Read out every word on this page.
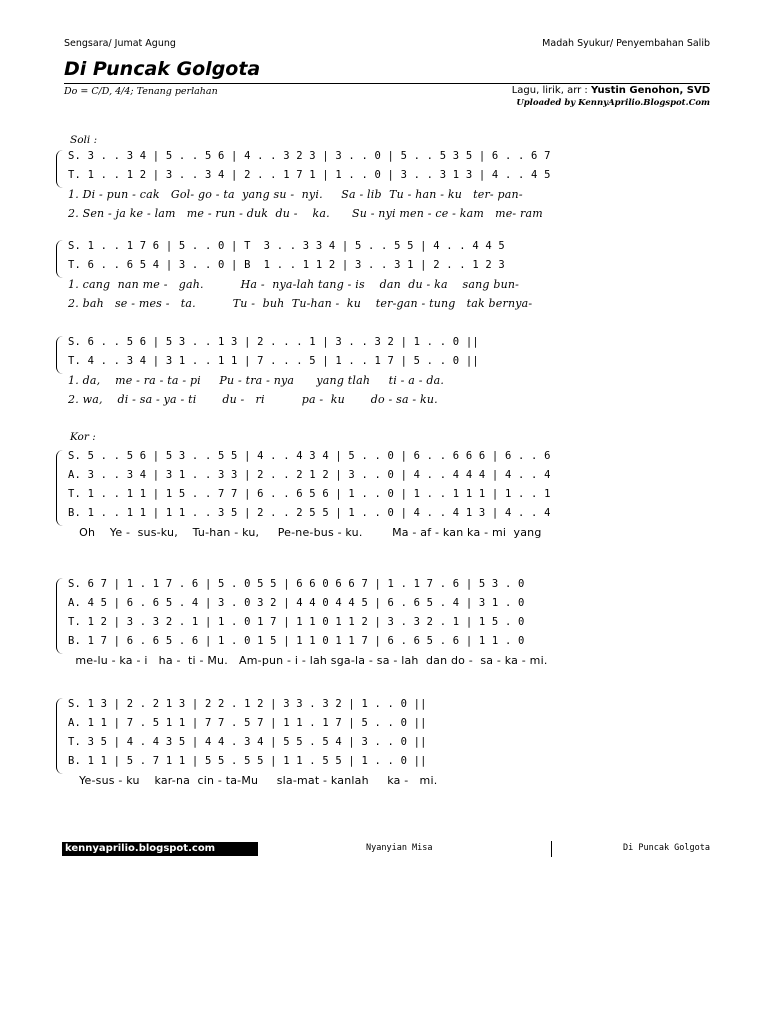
Sengsara/ Jumat Agung	Madah Syukur/ Penyembahan Salib
Di Puncak Golgota
Do = C/D, 4/4; Tenang perlahan	Lagu, lirik, arr : Yustin Genohon, SVD
Uploaded by KennyAprilio.Blogspot.Com
Soli :
Kor :
S. 3 . . 3 4 | 5 . . 5 6 | 4 . . 3 2 3 | 3 . . 0 | 5 . . 5 3 5 | 6 . . 6 7
T. 1 . . 1 2 | 3 . . 3 4 | 2 . . 1 7 1 | 1 . . 0 | 3 . . 3 1 3 | 4 . . 4 5
1. Di - pun - cak   Gol- go - ta  yang su -  nyi.     Sa - lib  Tu - han - ku   ter- pan-
2. Sen - ja ke - lam   me - run - duk  du -    ka.      Su - nyi men - ce - kam   me- ram
S. 1 . . 1 7 6 | 5 . . 0 | T  3 . . 3 3 4 | 5 . . 5 5 | 4 . . 4 4 5
T. 6 . . 6 5 4 | 3 . . 0 | B  1 . . 1 1 2 | 3 . . 3 1 | 2 . . 1 2 3
1. cang  nan me -   gah.          Ha -  nya-lah tang - is    dan  du - ka    sang bun-
2. bah   se - mes -   ta.          Tu -  buh  Tu-han -  ku    ter-gan - tung   tak bernya-
S. 6 . . 5 6 | 5 3 . . 1 3 | 2 . . . 1 | 3 . . 3 2 | 1 . . 0 ||
T. 4 . . 3 4 | 3 1 . . 1 1 | 7 . . . 5 | 1 . . 1 7 | 5 . . 0 ||
1. da,    me - ra - ta - pi     Pu - tra - nya      yang tlah     ti - a - da.
2. wa,    di - sa - ya - ti       du -   ri          pa -  ku       do - sa - ku.
S. 5 . . 5 6 | 5 3 . . 5 5 | 4 . . 4 3 4 | 5 . . 0 | 6 . . 6 6 6 | 6 . . 6
A. 3 . . 3 4 | 3 1 . . 3 3 | 2 . . 2 1 2 | 3 . . 0 | 4 . . 4 4 4 | 4 . . 4
T. 1 . . 1 1 | 1 5 . . 7 7 | 6 . . 6 5 6 | 1 . . 0 | 1 . . 1 1 1 | 1 . . 1
B. 1 . . 1 1 | 1 1 . . 3 5 | 2 . . 2 5 5 | 1 . . 0 | 4 . . 4 1 3 | 4 . . 4
Oh    Ye -  sus-ku,    Tu-han - ku,     Pe-ne-bus - ku.        Ma - af - kan ka - mi  yang
S. 6 7 | 1 . 1 7 . 6 | 5 . 0 5 5 | 6 6 0 6 6 7 | 1 . 1 7 . 6 | 5 3 . 0
A. 4 5 | 6 . 6 5 . 4 | 3 . 0 3 2 | 4 4 0 4 4 5 | 6 . 6 5 . 4 | 3 1 . 0
T. 1 2 | 3 . 3 2 . 1 | 1 . 0 1 7 | 1 1 0 1 1 2 | 3 . 3 2 . 1 | 1 5 . 0
B. 1 7 | 6 . 6 5 . 6 | 1 . 0 1 5 | 1 1 0 1 1 7 | 6 . 6 5 . 6 | 1 1 . 0
me-lu - ka - i   ha -  ti - Mu.   Am-pun - i - lah sga-la - sa - lah  dan do -  sa - ka - mi.
S. 1 3 | 2 . 2 1 3 | 2 2 . 1 2 | 3 3 . 3 2 | 1 . . 0 ||
A. 1 1 | 7 . 5 1 1 | 7 7 . 5 7 | 1 1 . 1 7 | 5 . . 0 ||
T. 3 5 | 4 . 4 3 5 | 4 4 . 3 4 | 5 5 . 5 4 | 3 . . 0 ||
B. 1 1 | 5 . 7 1 1 | 5 5 . 5 5 | 1 1 . 5 5 | 1 . . 0 ||
Ye-sus - ku    kar-na  cin - ta-Mu     sla-mat - kanlah     ka -   mi.
kennyaprilio.blogspot.com	Nyanyian Misa	Di Puncak Golgota
